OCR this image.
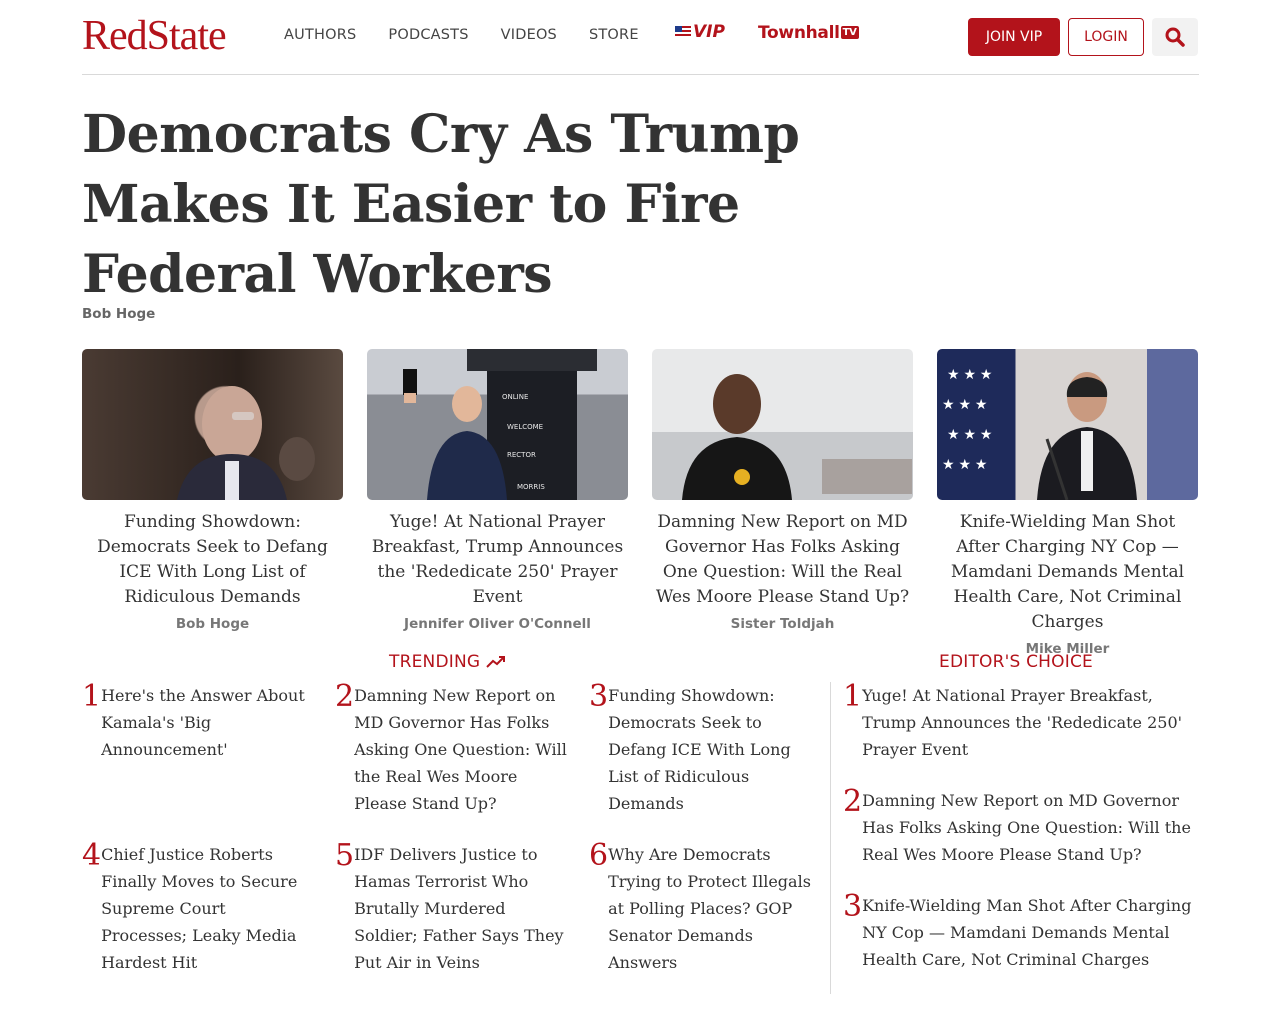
RedState	AUTHORS PODCASTS VIDEOS STORE	VIP Townhall TV	JOIN VIP	LOGIN
Democrats Cry As Trump Makes It Easier to Fire Federal Workers
Bob Hoge
Funding Showdown: Democrats Seek to Defang ICE With Long List of Ridiculous Demands
Bob Hoge
ONLINE
WELCOME
RECTOR
MORRIS
Yuge! At National Prayer Breakfast, Trump Announces the 'Rededicate 250' Prayer Event
Jennifer Oliver O'Connell
Damning New Report on MD Governor Has Folks Asking One Question: Will the Real Wes Moore Please Stand Up?
Sister Toldjah
★ ★ ★
★ ★ ★
★ ★ ★
★ ★ ★
Knife-Wielding Man Shot After Charging NY Cop — Mamdani Demands Mental Health Care, Not Criminal Charges
Mike Miller
TRENDING
1 Here's the Answer About Kamala's 'Big Announcement'
2 Damning New Report on MD Governor Has Folks Asking One Question: Will the Real Wes Moore Please Stand Up?
3 Funding Showdown: Democrats Seek to Defang ICE With Long List of Ridiculous Demands
4 Chief Justice Roberts Finally Moves to Secure Supreme Court Processes; Leaky Media Hardest Hit
5 IDF Delivers Justice to Hamas Terrorist Who Brutally Murdered Soldier; Father Says They Put Air in Veins
6 Why Are Democrats Trying to Protect Illegals at Polling Places? GOP Senator Demands Answers
EDITOR'S CHOICE
1 Yuge! At National Prayer Breakfast, Trump Announces the 'Rededicate 250' Prayer Event
2 Damning New Report on MD Governor Has Folks Asking One Question: Will the Real Wes Moore Please Stand Up?
3 Knife-Wielding Man Shot After Charging NY Cop — Mamdani Demands Mental Health Care, Not Criminal Charges
